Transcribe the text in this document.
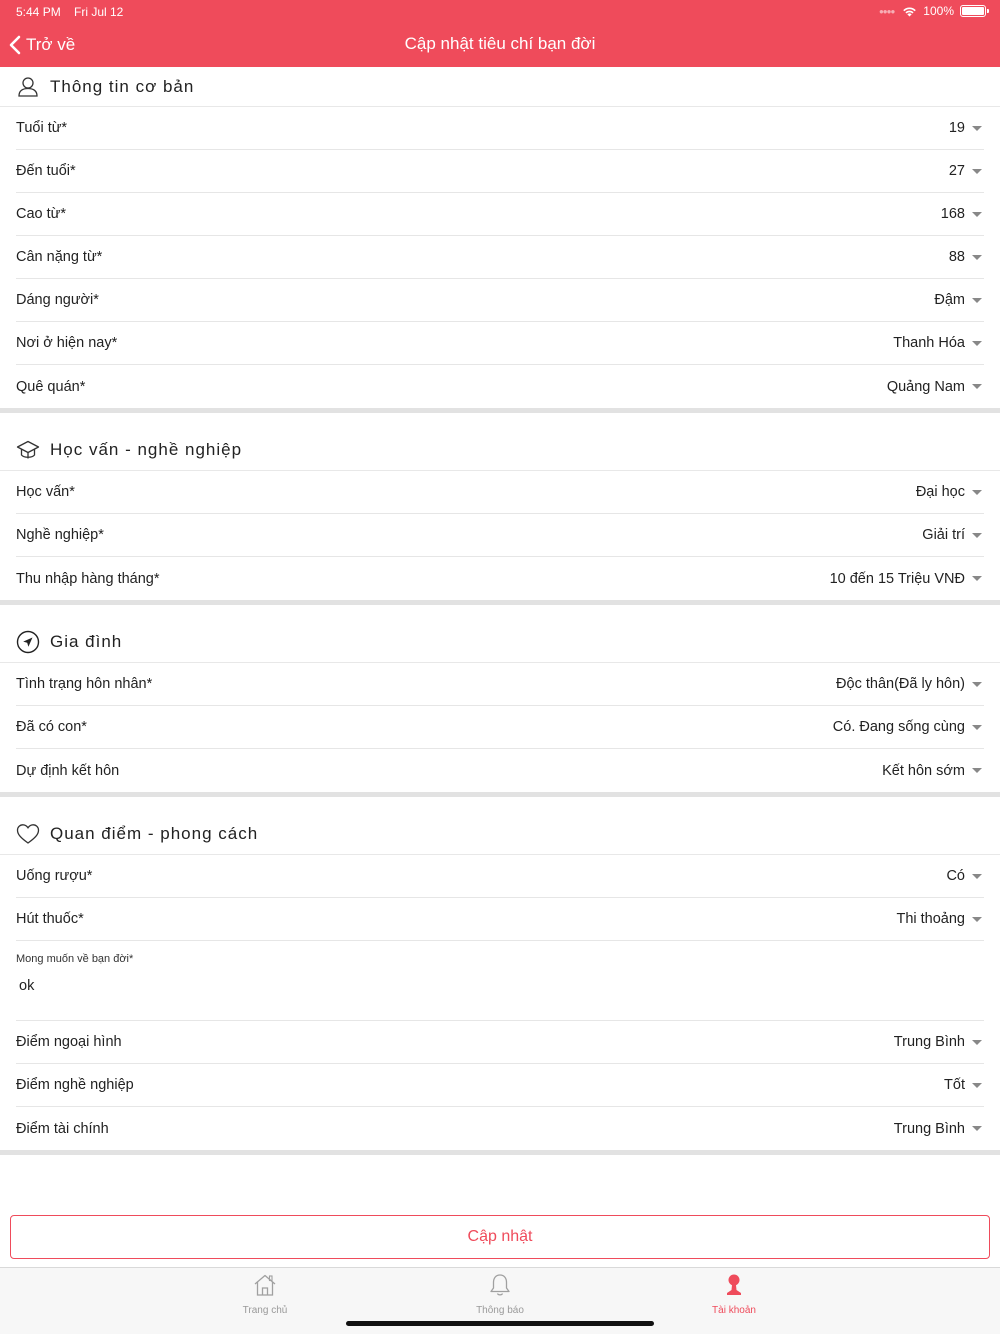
5:44 PM Fri Jul 12	●●●● 100%
Trở về	Cập nhật tiêu chí bạn đời
Thông tin cơ bản
Tuổi từ*	19
Đến tuổi*	27
Cao từ*	168
Cân nặng từ*	88
Dáng người*	Đậm
Nơi ở hiện nay*	Thanh Hóa
Quê quán*	Quảng Nam
Học vấn - nghề nghiệp
Học vấn*	Đại học
Nghề nghiệp*	Giải trí
Thu nhập hàng tháng*	10 đến 15 Triệu VNĐ
Gia đình
Tình trạng hôn nhân*	Độc thân(Đã ly hôn)
Đã có con*	Có. Đang sống cùng
Dự định kết hôn	Kết hôn sớm
Quan điểm - phong cách
Uống rượu*	Có
Hút thuốc*	Thi thoảng
Mong muốn về bạn đời*
ok
Điểm ngoại hình	Trung Bình
Điểm nghề nghiệp	Tốt
Điểm tài chính	Trung Bình
Cập nhật
Trang chủ	Thông báo	Tài khoản
